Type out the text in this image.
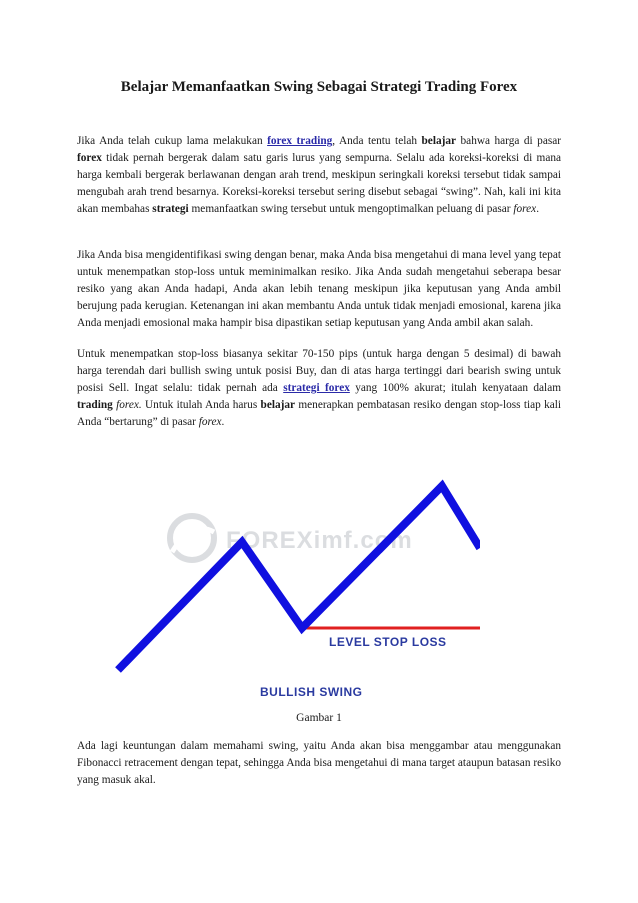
Belajar Memanfaatkan Swing Sebagai Strategi Trading Forex

Jika Anda telah cukup lama melakukan forex trading, Anda tentu telah belajar bahwa harga di pasar forex tidak pernah bergerak dalam satu garis lurus yang sempurna. Selalu ada koreksi-koreksi di mana harga kembali bergerak berlawanan dengan arah trend, meskipun seringkali koreksi tersebut tidak sampai mengubah arah trend besarnya. Koreksi-koreksi tersebut sering disebut sebagai “swing”. Nah, kali ini kita akan membahas strategi memanfaatkan swing tersebut untuk mengoptimalkan peluang di pasar forex.

Jika Anda bisa mengidentifikasi swing dengan benar, maka Anda bisa mengetahui di mana level yang tepat untuk menempatkan stop-loss untuk meminimalkan resiko. Jika Anda sudah mengetahui seberapa besar resiko yang akan Anda hadapi, Anda akan lebih tenang meskipun jika keputusan yang Anda ambil berujung pada kerugian. Ketenangan ini akan membantu Anda untuk tidak menjadi emosional, karena jika Anda menjadi emosional maka hampir bisa dipastikan setiap keputusan yang Anda ambil akan salah.

Untuk menempatkan stop-loss biasanya sekitar 70-150 pips (untuk harga dengan 5 desimal) di bawah harga terendah dari bullish swing untuk posisi Buy, dan di atas harga tertinggi dari bearish swing untuk posisi Sell. Ingat selalu: tidak pernah ada strategi forex yang 100% akurat; itulah kenyataan dalam trading forex. Untuk itulah Anda harus belajar menerapkan pembatasan resiko dengan stop-loss tiap kali Anda “bertarung” di pasar forex.

FOREXimf.com
LEVEL STOP LOSS
BULLISH SWING
Gambar 1

Ada lagi keuntungan dalam memahami swing, yaitu Anda akan bisa menggambar atau menggunakan Fibonacci retracement dengan tepat, sehingga Anda bisa mengetahui di mana target ataupun batasan resiko yang masuk akal.
